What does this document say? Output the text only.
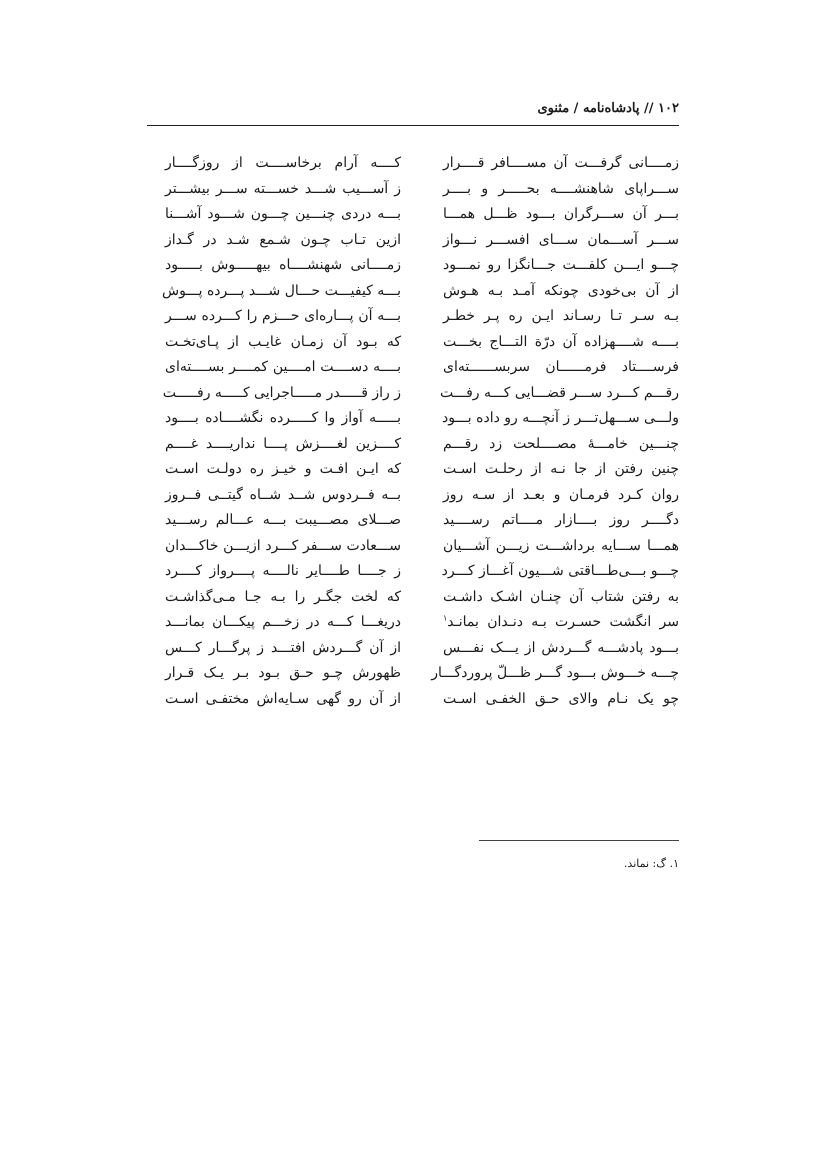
۱۰۲ // پادشاه‌نامه / مثنوی
زمــــانی گرفـــت آن مســــافر قــــرار
ســـراپای شاهنشــــه بحـــــر و بــــر
بـــر آن ســـرگران بـــود ظـــل همـــا
ســـر آســـمان ســـای افســـر نـــواز
چـــو ایـــن کلفـــت جـــانگزا رو نمـــود
از آن بی‌خودی چونکه آمـد بـه هـوش
بـه سـر تـا رسـاند ایـن ره پـر خطـر
بــــه شــــهزاده آن درّة التـــاج بخـــت
فرســــتاد فرمــــــان سربســــــته‌ای
رقـــم کـــرد ســـر قضـــایی کـــه رفـــت
ولـــی ســـهل‌تـــر ز آنچـــه رو داده بـــود
چنـــین خامـــۀ مصــــلحت زد رقـــم
چنین رفتن از جا نـه از رحلـت اسـت
روان کـرد فرمـان و بعـد از سـه روز
دگــــر روز بــــازار مــــاتم رســــید
همـــا ســـایه برداشـــت زیـــن آشـــیان
چـــو بـــی‌طـــاقتی شـــیون آغـــاز کـــرد
به رفتن شتاب آن چنـان اشـک داشـت
سر انگشت حسـرت بـه دنـدان بمانـد$^۱$
بـــود پادشـــه گـــردش از یـــک نفـــس
چـــه خـــوش بـــود گـــر ظـــلّ پروردگـــار
چو یک نـام والای حـق الخفـی اسـت
کــــه آرام برخاســــت از روزگــــار
ز آســـیب شـــد خســـته ســـر بیشـــتر
بـــه دردی چنـــین چـــون شـــود آشـــنا
ازین تـاب چـون شـمع شـد در گـداز
زمــــانی شهنشــــاه بیهـــــوش بـــــود
بـــه کیفیـــت حـــال شـــد پـــرده پـــوش
بـــه آن پـــاره‌ای حـــزم را کـــرده ســـر
که بـود آن زمـان غایـب از پـای‌تخـت
بــــه دســــت امــــین کمــــر بســــته‌ای
ز راز قـــــدر مـــــاجرایی کـــــه رفـــــت
بـــــه آواز وا کـــــرده نگشــــاده بــــود
کــــزین لغــــزش پــــا نداریــــد غــــم
که ایـن افـت و خیـز ره دولـت اسـت
بــه فــردوس شــد شــاه گیتــی فــروز
صـــلای مصـــیبت بـــه عـــالم رســـید
ســـعادت ســـفر کـــرد ازیـــن خاکـــدان
ز جــــا طــــایر نالــــه پــــرواز کــــرد
که لخت جگـر را بـه جـا مـی‌گذاشـت
دریغـــا کـــه در زخـــم پیکـــان بمانـــد
از آن گـــردش افتـــد ز پرگـــار کـــس
ظهورش چـو حـق بـود بـر یـک قـرار
از آن رو گهی سـایه‌اش مختفـی اسـت
۱. گ: نماند.
